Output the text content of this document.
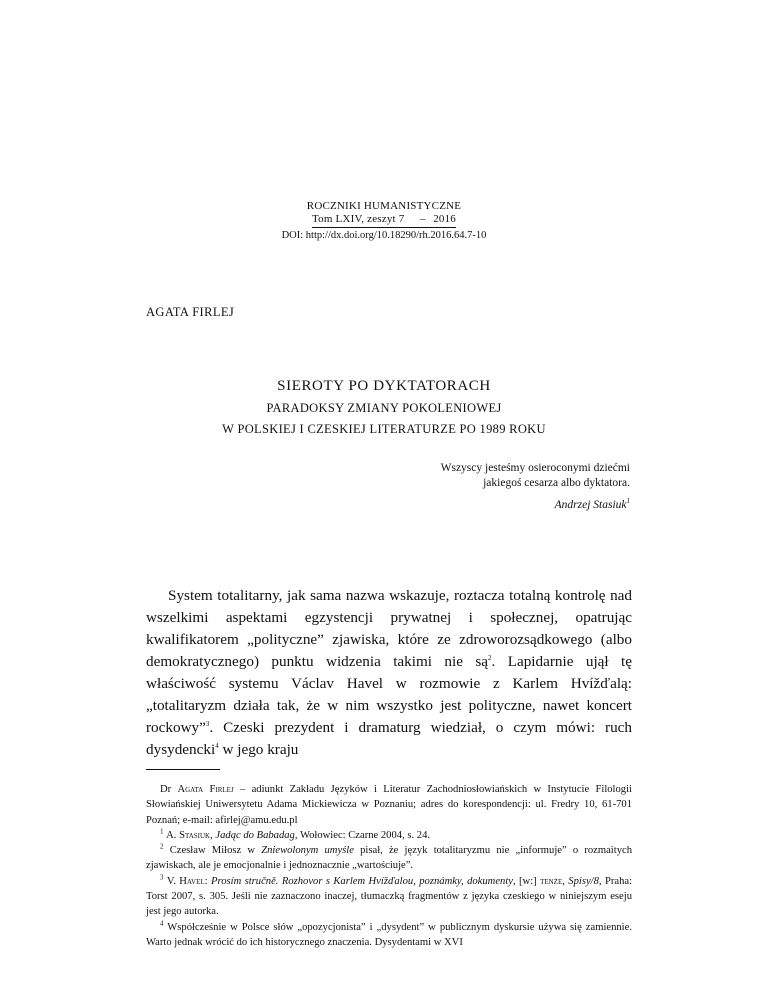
ROCZNIKI HUMANISTYCZNE
Tom LXIV, zeszyt 7 – 2016
DOI: http://dx.doi.org/10.18290/rh.2016.64.7-10
AGATA FIRLEJ
SIEROTY PO DYKTATORACH
PARADOKSY ZMIANY POKOLENIOWEJ
W POLSKIEJ I CZESKIEJ LITERATURZE PO 1989 ROKU
Wszyscy jesteśmy osieroconymi dziećmi
jakiegoś cesarza albo dyktatora.
Andrzej Stasiuk$^1$

System totalitarny, jak sama nazwa wskazuje, roztacza totalną kontrolę nad wszelkimi aspektami egzystencji prywatnej i społecznej, opatrując kwalifikatorem „polityczne” zjawiska, które ze zdroworozsądkowego (albo demokratycznego) punktu widzenia takimi nie $są^2$. Lapidarnie ujął tę właściwość systemu Václav Havel w rozmowie z Karlem Hvížďalą: „totalitaryzm działa tak, że w nim wszystko jest polityczne, nawet koncert rockowy”$^3$. Czeski prezydent i dramaturg wiedział, o czym mówi: ruch dysydencki$^4$ w jego kraju

Dr Agata Firlej – adiunkt Zakładu Języków i Literatur Zachodniosłowiańskich w Instytucie Filologii Słowiańskiej Uniwersytetu Adama Mickiewicza w Poznaniu; adres do korespondencji: ul. Fredry 10, 61-701 Poznań; e-mail: afirlej@amu.edu.pl

$^1$ A. Stasiuk, Jadąc do Babadag, Wołowiec: Czarne 2004, s. 24.

$^2$ Czesław Miłosz w Zniewolonym umyśle pisał, że język totalitaryzmu nie „informuje” o rozmaitych zjawiskach, ale je emocjonalnie i jednoznacznie „wartościuje”.

$^3$ V. Havel: Prosím stručně. Rozhovor s Karlem Hvížďalou, poznámky, dokumenty, [w:] tenże, Spisy/8, Praha: Torst 2007, s. 305. Jeśli nie zaznaczono inaczej, tłumaczką fragmentów z języka czeskiego w niniejszym eseju jest jego autorka.

$^4$ Współcześnie w Polsce słów „opozycjonista” i „dysydent” w publicznym dyskursie używa się zamiennie. Warto jednak wrócić do ich historycznego znaczenia. Dysydentami w XVI
